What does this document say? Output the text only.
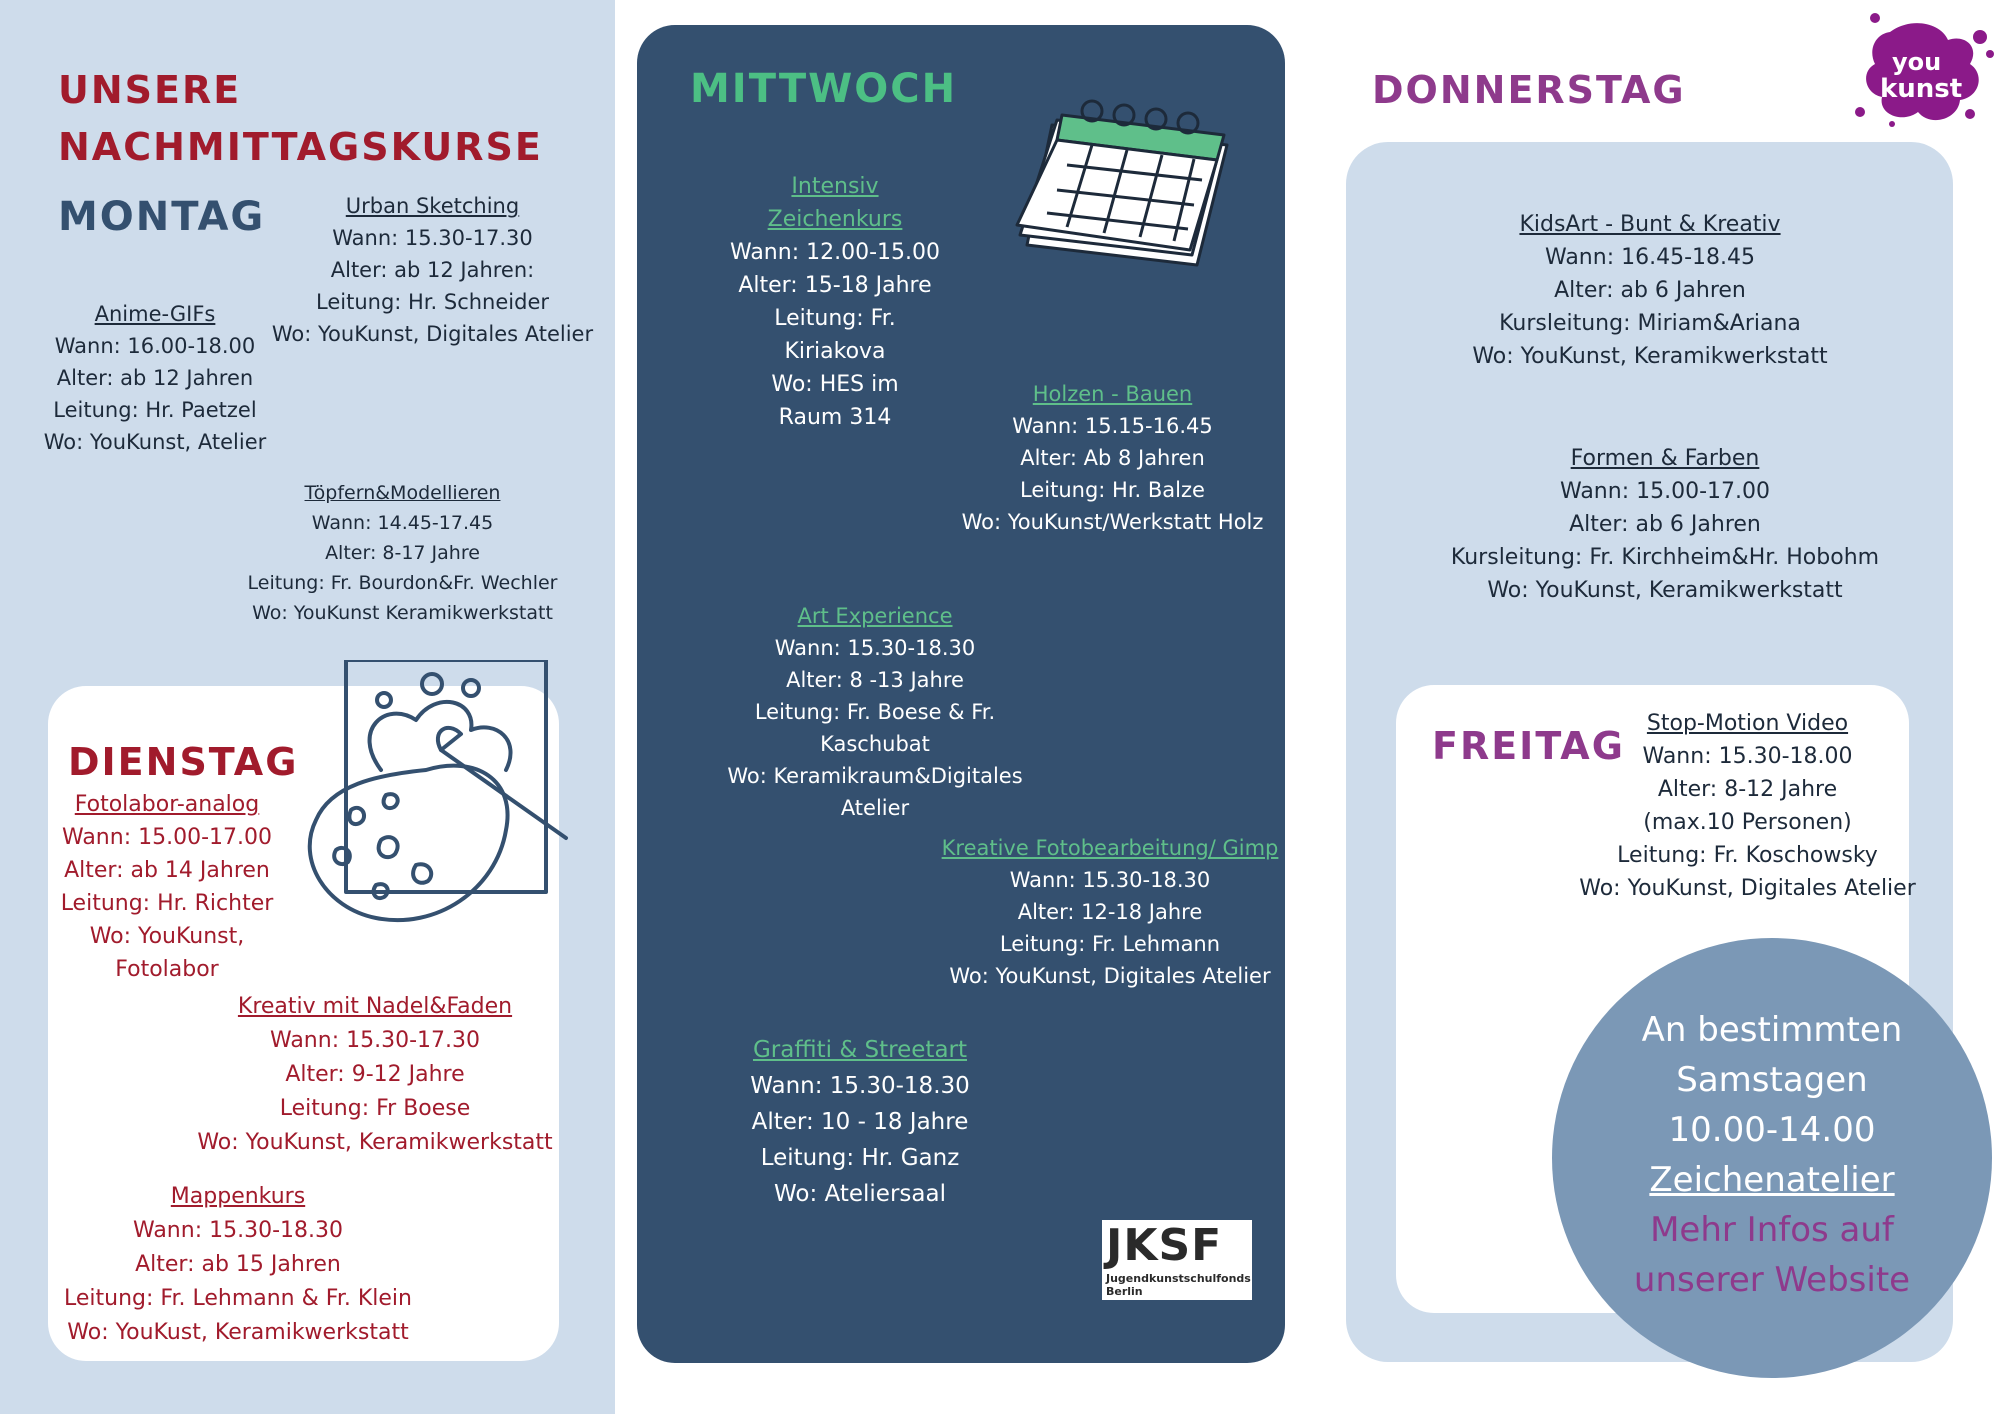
UNSERE
NACHMITTAGSKURSE
MONTAG
DIENSTAG
MITTWOCH	DONNERSTAG
FREITAG
you
kunst
Urban Sketching
Wann: 15.30-17.30
Alter: ab 12 Jahren:
Leitung: Hr. Schneider
Wo: YouKunst, Digitales Atelier
Anime-GIFs
Wann: 16.00-18.00
Alter: ab 12 Jahren
Leitung: Hr. Paetzel
Wo: YouKunst, Atelier
Töpfern&Modellieren
Wann: 14.45-17.45
Alter: 8-17 Jahre
Leitung: Fr. Bourdon&Fr. Wechler
Wo: YouKunst Keramikwerkstatt
Fotolabor-analog
Wann: 15.00-17.00
Alter: ab 14 Jahren
Leitung: Hr. Richter
Wo: YouKunst,
Fotolabor
Kreativ mit Nadel&Faden
Wann: 15.30-17.30
Alter: 9-12 Jahre
Leitung: Fr Boese
Wo: YouKunst, Keramikwerkstatt
Mappenkurs
Wann: 15.30-18.30
Alter: ab 15 Jahren
Leitung: Fr. Lehmann & Fr. Klein
Wo: YouKust, Keramikwerkstatt
Intensiv
Zeichenkurs
Wann: 12.00-15.00
Alter: 15-18 Jahre
Leitung: Fr.
Kiriakova
Wo: HES im
Raum 314
Holzen - Bauen
Wann: 15.15-16.45
Alter: Ab 8 Jahren
Leitung: Hr. Balze
Wo: YouKunst/Werkstatt Holz
Art Experience
Wann: 15.30-18.30
Alter: 8 -13 Jahre
Leitung: Fr. Boese & Fr.
Kaschubat
Wo: Keramikraum&Digitales
Atelier
Kreative Fotobearbeitung/ Gimp
Wann: 15.30-18.30
Alter: 12-18 Jahre
Leitung: Fr. Lehmann
Wo: YouKunst, Digitales Atelier
Graffiti & Streetart
Wann: 15.30-18.30
Alter: 10 - 18 Jahre
Leitung: Hr. Ganz
Wo: Ateliersaal
JKSF
Jugendkunstschulfonds
Berlin
KidsArt - Bunt & Kreativ
Wann: 16.45-18.45
Alter: ab 6 Jahren
Kursleitung: Miriam&Ariana
Wo: YouKunst, Keramikwerkstatt
Formen & Farben
Wann: 15.00-17.00
Alter: ab 6 Jahren
Kursleitung: Fr. Kirchheim&Hr. Hobohm
Wo: YouKunst, Keramikwerkstatt
Stop-Motion Video
Wann: 15.30-18.00
Alter: 8-12 Jahre
(max.10 Personen)
Leitung: Fr. Koschowsky
Wo: YouKunst, Digitales Atelier
An bestimmten
Samstagen
10.00-14.00
Zeichenatelier
Mehr Infos auf
unserer Website
